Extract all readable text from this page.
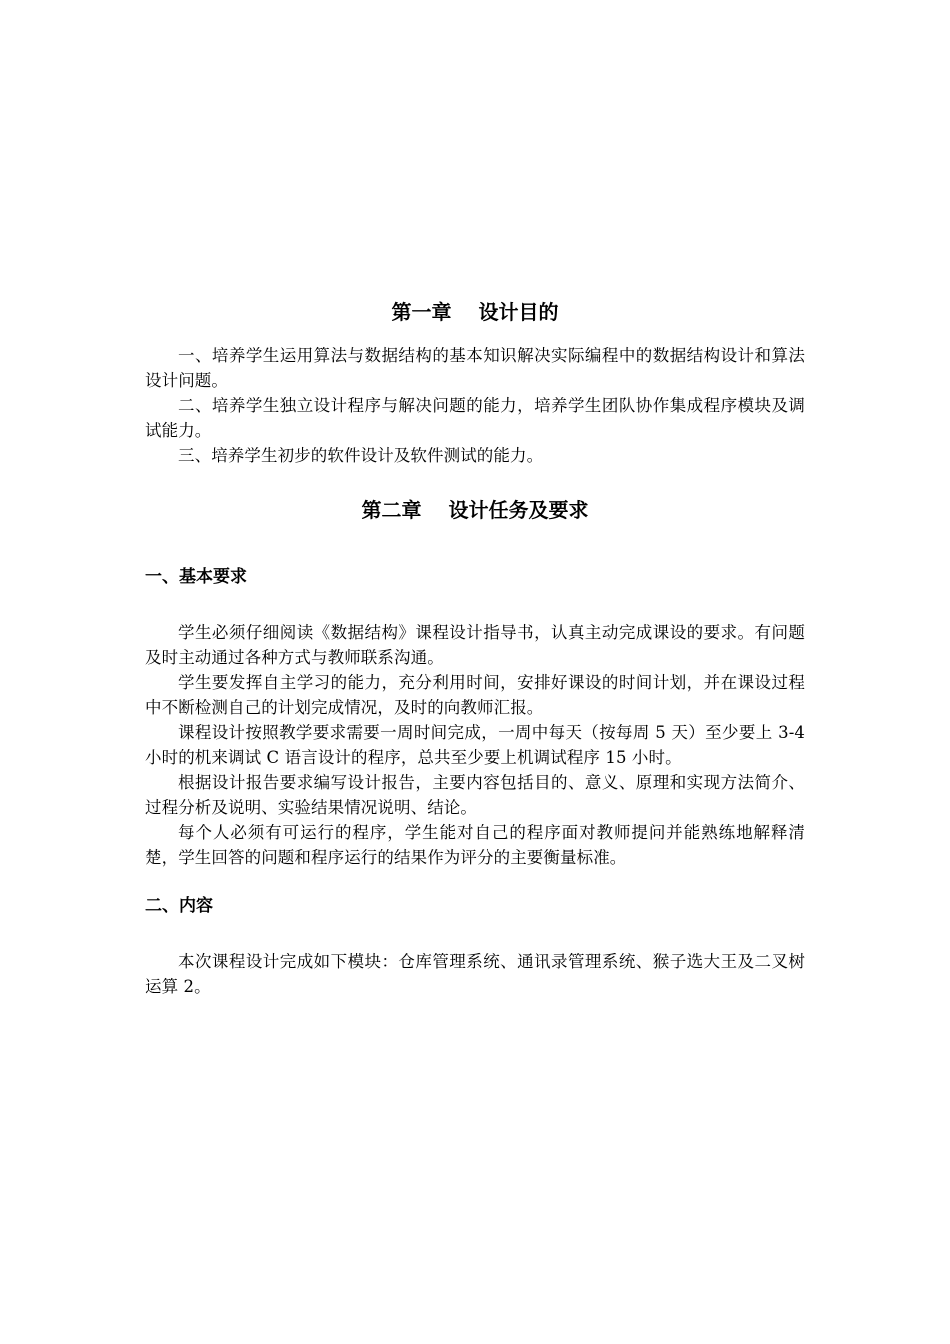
第一章　 设计目的

一、培养学生运用算法与数据结构的基本知识解决实际编程中的数据结构设计和算法设计问题。

二、培养学生独立设计程序与解决问题的能力，培养学生团队协作集成程序模块及调试能力。

三、培养学生初步的软件设计及软件测试的能力。

第二章　 设计任务及要求
一、基本要求

学生必须仔细阅读《数据结构》课程设计指导书，认真主动完成课设的要求。有问题及时主动通过各种方式与教师联系沟通。

学生要发挥自主学习的能力，充分利用时间，安排好课设的时间计划，并在课设过程中不断检测自己的计划完成情况，及时的向教师汇报。

课程设计按照教学要求需要一周时间完成，一周中每天（按每周 5 天）至少要上 3-4 小时的机来调试 C 语言设计的程序，总共至少要上机调试程序 15 小时。

根据设计报告要求编写设计报告，主要内容包括目的、意义、原理和实现方法简介、过程分析及说明、实验结果情况说明、结论。

每个人必须有可运行的程序，学生能对自己的程序面对教师提问并能熟练地解释清楚，学生回答的问题和程序运行的结果作为评分的主要衡量标准。

二、内容

本次课程设计完成如下模块：仓库管理系统、通讯录管理系统、猴子选大王及二叉树运算 2。
